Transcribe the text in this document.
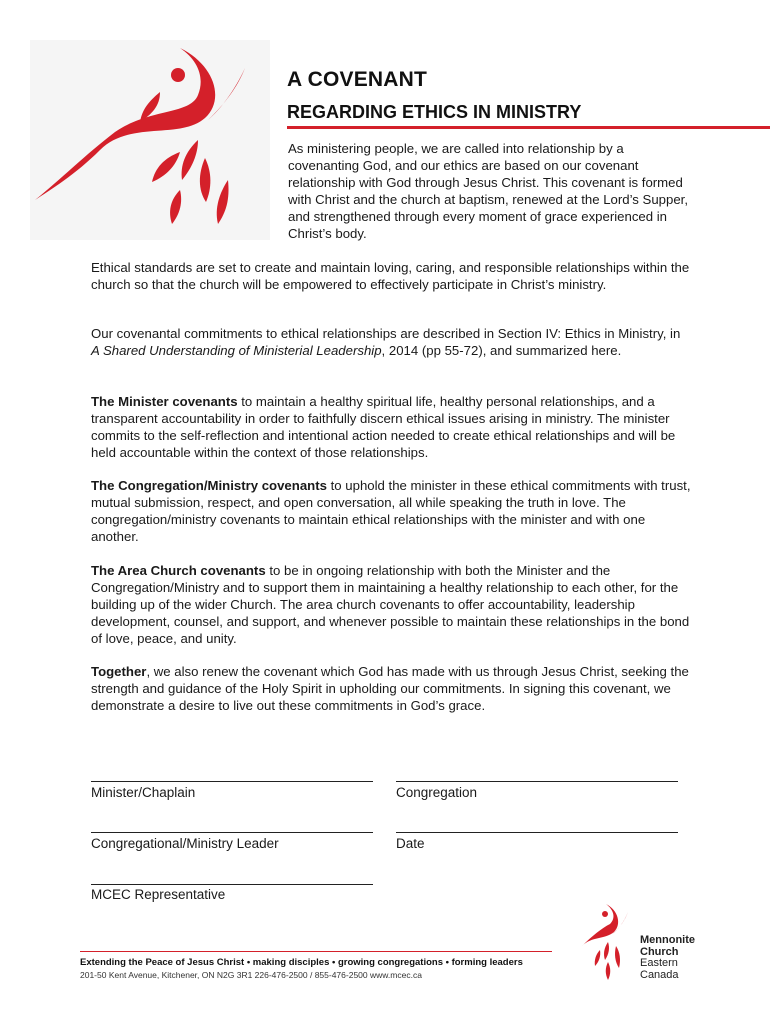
A COVENANT
REGARDING ETHICS IN MINISTRY

As ministering people, we are called into relationship by a covenanting God, and our ethics are based on our covenant relationship with God through Jesus Christ. This covenant is formed with Christ and the church at baptism, renewed at the Lord’s Supper, and strengthened through every moment of grace experienced in Christ’s body.

Ethical standards are set to create and maintain loving, caring, and responsible relationships within the church so that the church will be empowered to effectively participate in Christ’s ministry.

Our covenantal commitments to ethical relationships are described in Section IV: Ethics in Ministry, in A Shared Understanding of Ministerial Leadership, 2014 (pp 55-72), and summarized here.

The Minister covenants to maintain a healthy spiritual life, healthy personal relationships, and a transparent accountability in order to faithfully discern ethical issues arising in ministry. The minister commits to the self-reflection and intentional action needed to create ethical relationships and will be held accountable within the context of those relationships.

The Congregation/Ministry covenants to uphold the minister in these ethical commitments with trust, mutual submission, respect, and open conversation, all while speaking the truth in love. The congregation/ministry covenants to maintain ethical relationships with the minister and with one another.

The Area Church covenants to be in ongoing relationship with both the Minister and the Congregation/Ministry and to support them in maintaining a healthy relationship to each other, for the building up of the wider Church. The area church covenants to offer accountability, leadership development, counsel, and support, and whenever possible to maintain these relationships in the bond of love, peace, and unity.

Together, we also renew the covenant which God has made with us through Jesus Christ, seeking the strength and guidance of the Holy Spirit in upholding our commitments. In signing this covenant, we demonstrate a desire to live out these commitments in God’s grace.

Minister/Chaplain	Congregation
Congregational/Ministry Leader	Date
MCEC Representative
Extending the Peace of Jesus Christ • making disciples • growing congregations • forming leaders
201-50 Kent Avenue, Kitchener, ON N2G 3R1 226-476-2500 / 855-476-2500 www.mcec.ca
Mennonite
Church
Eastern
Canada
